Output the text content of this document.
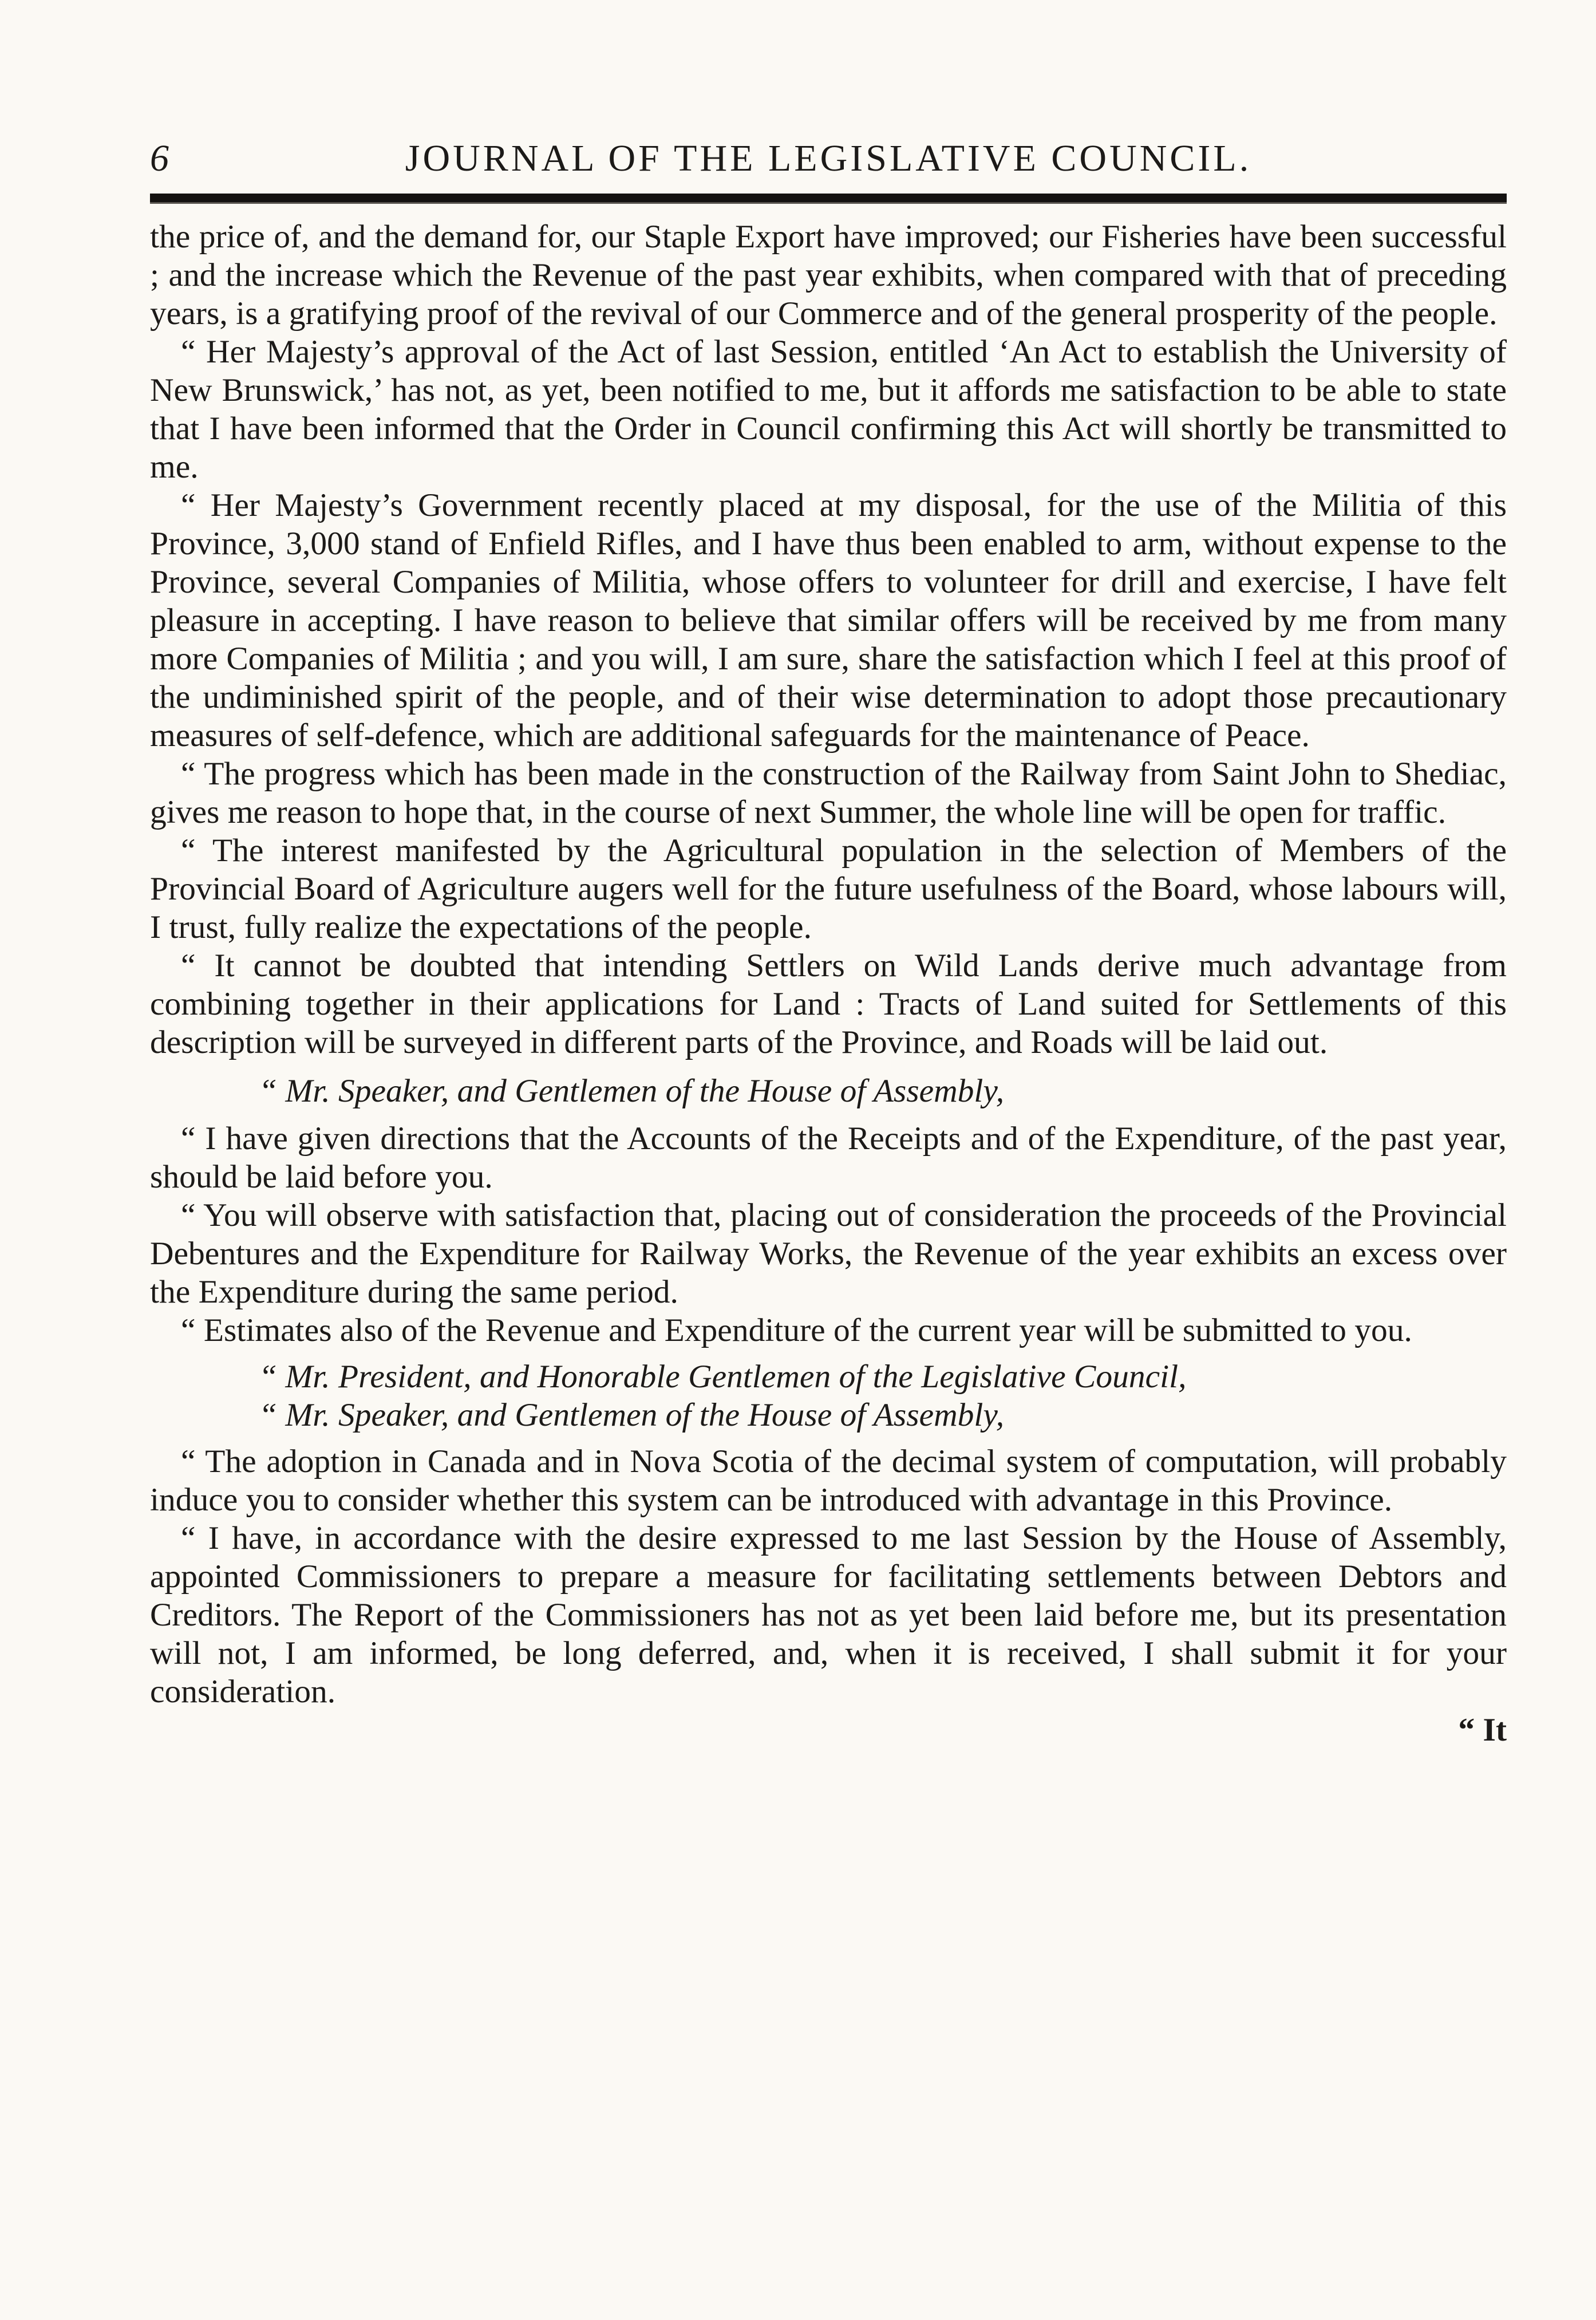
6	JOURNAL OF THE LEGISLATIVE COUNCIL.

the price of, and the demand for, our Staple Export have improved; our Fisheries have been successful ; and the increase which the Revenue of the past year exhibits, when compared with that of preceding years, is a gratifying proof of the revival of our Commerce and of the general prosperity of the people.

“ Her Majesty’s approval of the Act of last Session, entitled ‘An Act to establish the University of New Brunswick,’ has not, as yet, been notified to me, but it affords me satisfaction to be able to state that I have been informed that the Order in Council confirming this Act will shortly be transmitted to me.

“ Her Majesty’s Government recently placed at my disposal, for the use of the Militia of this Province, 3,000 stand of Enfield Rifles, and I have thus been enabled to arm, without expense to the Province, several Companies of Militia, whose offers to volunteer for drill and exercise, I have felt pleasure in accepting. I have reason to believe that similar offers will be received by me from many more Companies of Militia ; and you will, I am sure, share the satisfaction which I feel at this proof of the undiminished spirit of the people, and of their wise determination to adopt those precautionary measures of self-defence, which are additional safeguards for the maintenance of Peace.

“ The progress which has been made in the construction of the Railway from Saint John to Shediac, gives me reason to hope that, in the course of next Summer, the whole line will be open for traffic.

“ The interest manifested by the Agricultural population in the selection of Members of the Provincial Board of Agriculture augers well for the future usefulness of the Board, whose labours will, I trust, fully realize the expectations of the people.

“ It cannot be doubted that intending Settlers on Wild Lands derive much advantage from combining together in their applications for Land : Tracts of Land suited for Settlements of this description will be surveyed in different parts of the Province, and Roads will be laid out.

“ Mr. Speaker, and Gentlemen of the House of Assembly,

“ I have given directions that the Accounts of the Receipts and of the Expenditure, of the past year, should be laid before you.

“ You will observe with satisfaction that, placing out of consideration the proceeds of the Provincial Debentures and the Expenditure for Railway Works, the Revenue of the year exhibits an excess over the Expenditure during the same period.

“ Estimates also of the Revenue and Expenditure of the current year will be submitted to you.

“ Mr. President, and Honorable Gentlemen of the Legislative Council,

“ Mr. Speaker, and Gentlemen of the House of Assembly,

“ The adoption in Canada and in Nova Scotia of the decimal system of computation, will probably induce you to consider whether this system can be introduced with advantage in this Province.

“ I have, in accordance with the desire expressed to me last Session by the House of Assembly, appointed Commissioners to prepare a measure for facilitating settlements between Debtors and Creditors. The Report of the Commissioners has not as yet been laid before me, but its presentation will not, I am informed, be long deferred, and, when it is received, I shall submit it for your consideration.

“ It
